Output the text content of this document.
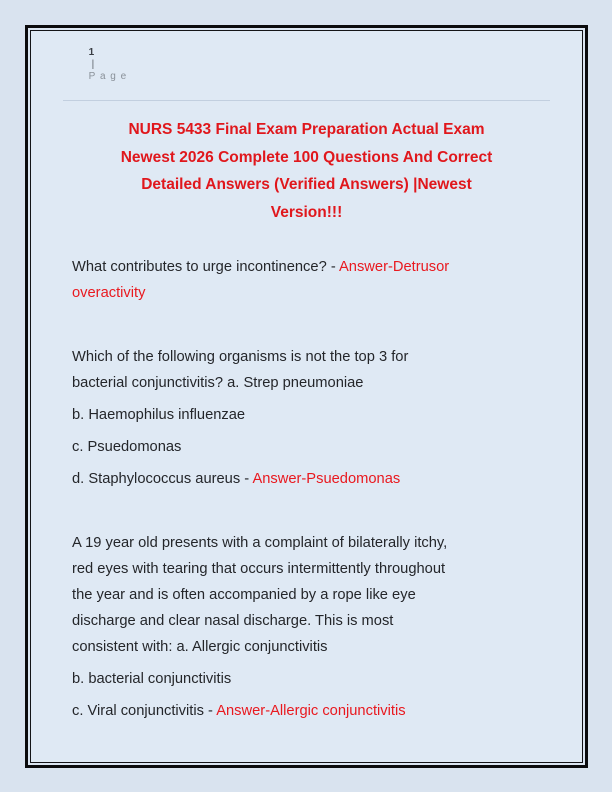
1
|
P a g e

NURS 5433 Final Exam Preparation Actual Exam
Newest 2026 Complete 100 Questions And Correct
Detailed Answers (Verified Answers) |Newest
Version!!!
What contributes to urge incontinence? - Answer-Detrusor
overactivity
Which of the following organisms is not the top 3 for
bacterial conjunctivitis? a. Strep pneumoniae
b. Haemophilus influenzae
c. Psuedomonas
d. Staphylococcus aureus - Answer-Psuedomonas
A 19 year old presents with a complaint of bilaterally itchy,
red eyes with tearing that occurs intermittently throughout
the year and is often accompanied by a rope like eye
discharge and clear nasal discharge. This is most
consistent with: a. Allergic conjunctivitis
b. bacterial conjunctivitis
c. Viral conjunctivitis - Answer-Allergic conjunctivitis
